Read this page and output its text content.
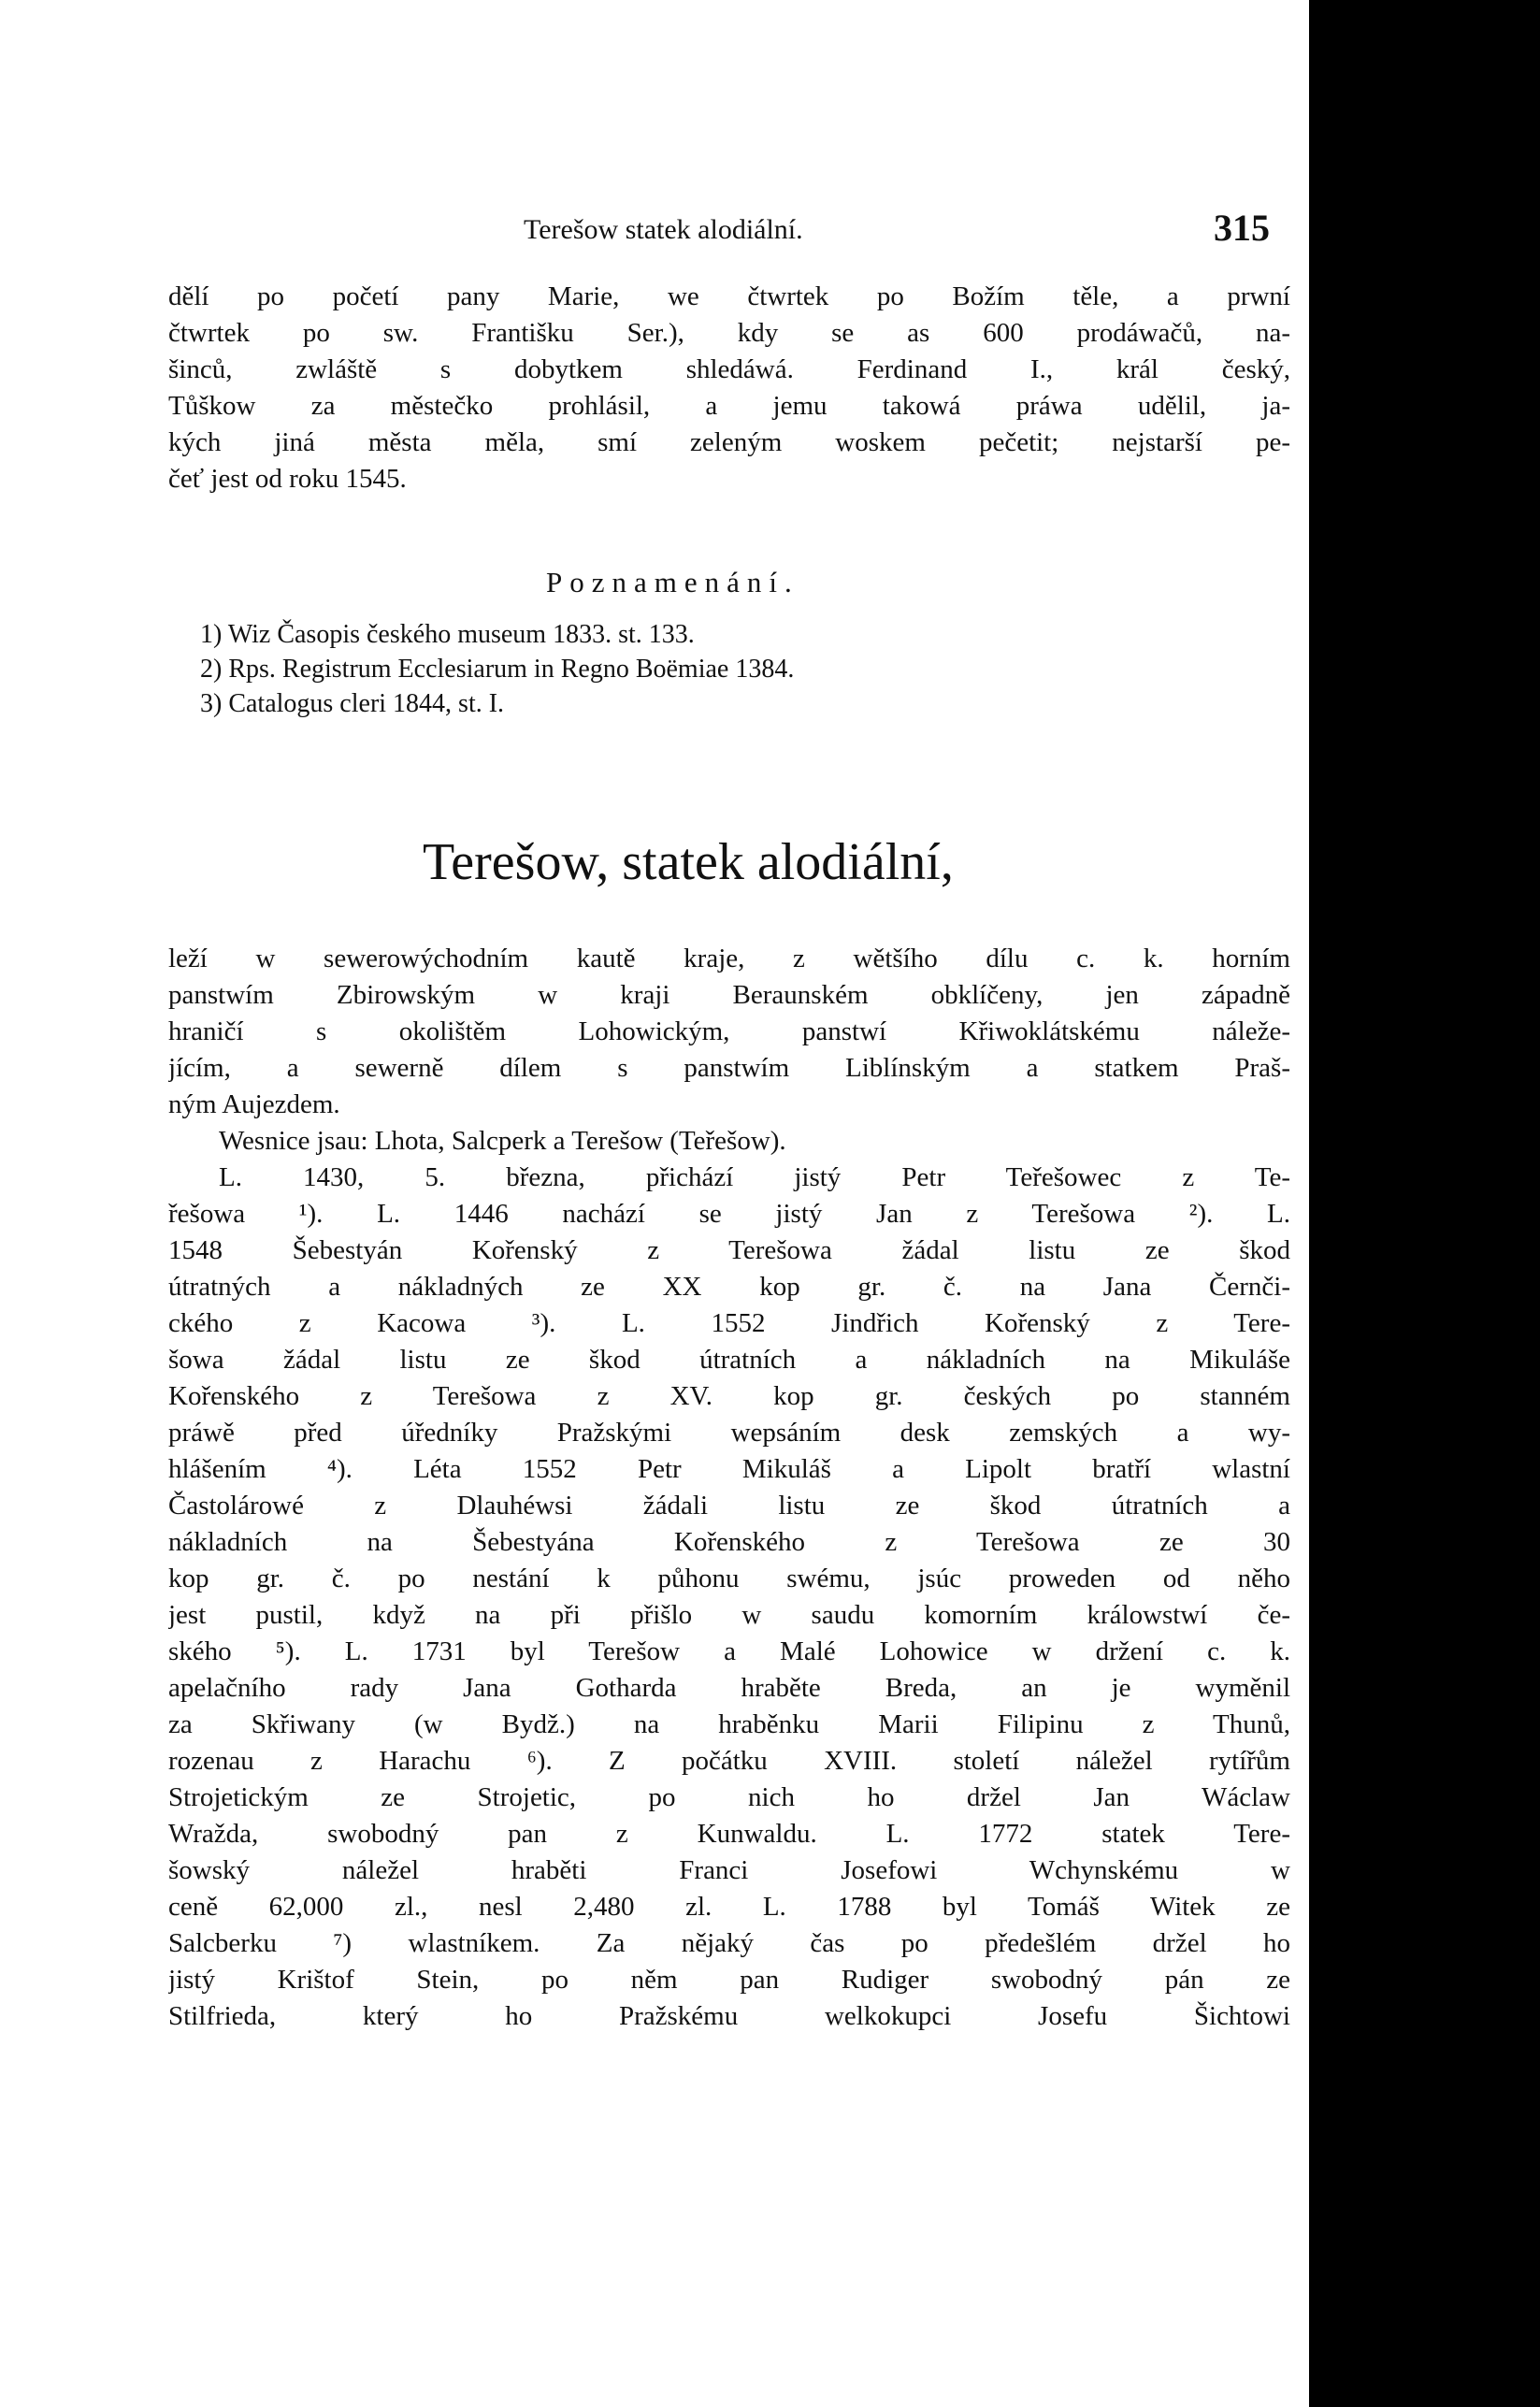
Terešow statek alodiální.	315
dělí po početí pany Marie, we čtwrtek po Božím těle, a prwní
čtwrtek po sw. Františku Ser.), kdy se as 600 prodáwačů, na-
šinců, zwláště s dobytkem shledáwá. Ferdinand I., král český,
Tůškow za městečko prohlásil, a jemu takowá práwa udělil, ja-
kých jiná města měla, smí zeleným woskem pečetit; nejstarší pe-
čeť jest od roku 1545.
Poznamenání.
1) Wiz Časopis českého museum 1833. st. 133.
2) Rps. Registrum Ecclesiarum in Regno Boëmiae 1384.
3) Catalogus cleri 1844, st. I.
Terešow, statek alodiální,
leží w sewerowýchodním kautě kraje, z wětšího dílu c. k. horním
panstwím Zbirowským w kraji Beraunském obklíčeny, jen západně
hraničí s okolištěm Lohowickým, panstwí Křiwoklátskému náleže-
jícím, a sewerně dílem s panstwím Liblínským a statkem Praš-
ným Aujezdem.
Wesnice jsau: Lhota, Salcperk a Terešow (Teřešow).
L. 1430, 5. března, přichází jistý Petr Teřešowec z Te-
řešowa ¹). L. 1446 nachází se jistý Jan z Terešowa ²). L.
1548 Šebestyán Kořenský z Terešowa žádal listu ze škod
útratných a nákladných ze XX kop gr. č. na Jana Černči-
ckého z Kacowa ³). L. 1552 Jindřich Kořenský z Tere-
šowa žádal listu ze škod útratních a nákladních na Mikuláše
Kořenského z Terešowa z XV. kop gr. českých po stanném
práwě před úředníky Pražskými wepsáním desk zemských a wy-
hlášením ⁴). Léta 1552 Petr Mikuláš a Lipolt bratří wlastní
Častolárowé z Dlauhéwsi žádali listu ze škod útratních a
nákladních na Šebestyána Kořenského z Terešowa ze 30
kop gr. č. po nestání k půhonu swému, jsúc proweden od něho
jest pustil, když na při přišlo w saudu komorním králowstwí če-
ského ⁵). L. 1731 byl Terešow a Malé Lohowice w držení c. k.
apelačního rady Jana Gotharda hraběte Breda, an je wyměnil
za Skřiwany (w Bydž.) na hraběnku Marii Filipinu z Thunů,
rozenau z Harachu ⁶). Z počátku XVIII. století náležel rytířům
Strojetickým ze Strojetic, po nich ho držel Jan Wáclaw
Wražda, swobodný pan z Kunwaldu. L. 1772 statek Tere-
šowský náležel hraběti Franci Josefowi Wchynskému w
ceně 62,000 zl., nesl 2,480 zl. L. 1788 byl Tomáš Witek ze
Salcberku ⁷) wlastníkem. Za nějaký čas po předešlém držel ho
jistý Krištof Stein, po něm pan Rudiger swobodný pán ze
Stilfrieda, který ho Pražskému welkokupci Josefu Šichtowi
